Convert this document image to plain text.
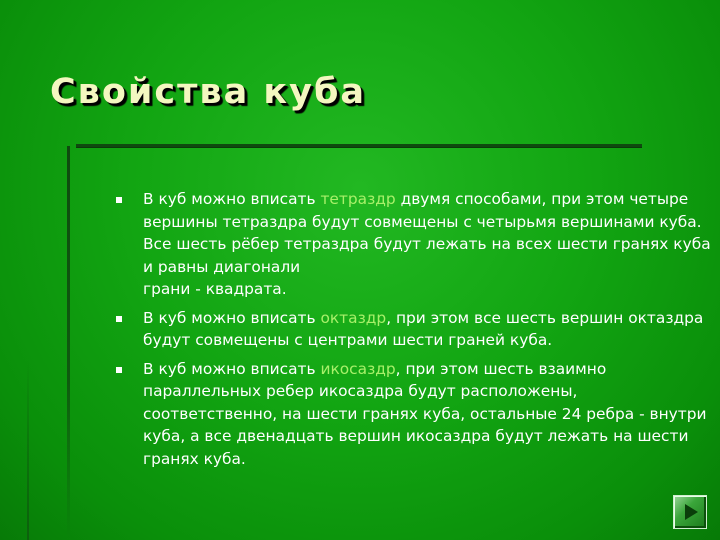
Свойства куба
В куб можно вписать тетраздр двумя способами, при этом четыре вершины тетраздра будут совмещены с четырьмя вершинами куба. Все шесть рёбер тетраздра будут лежать на всех шести гранях куба и равны диагонали
грани - квадрата.
В куб можно вписать октаздр, при этом все шесть вершин октаздра будут совмещены с центрами шести граней куба.
В куб можно вписать икосаздр, при этом шесть взаимно параллельных ребер икосаздра будут расположены, соответственно, на шести гранях куба, остальные 24 ребра - внутри куба, а все двенадцать вершин икосаздра будут лежать на шести гранях куба.
